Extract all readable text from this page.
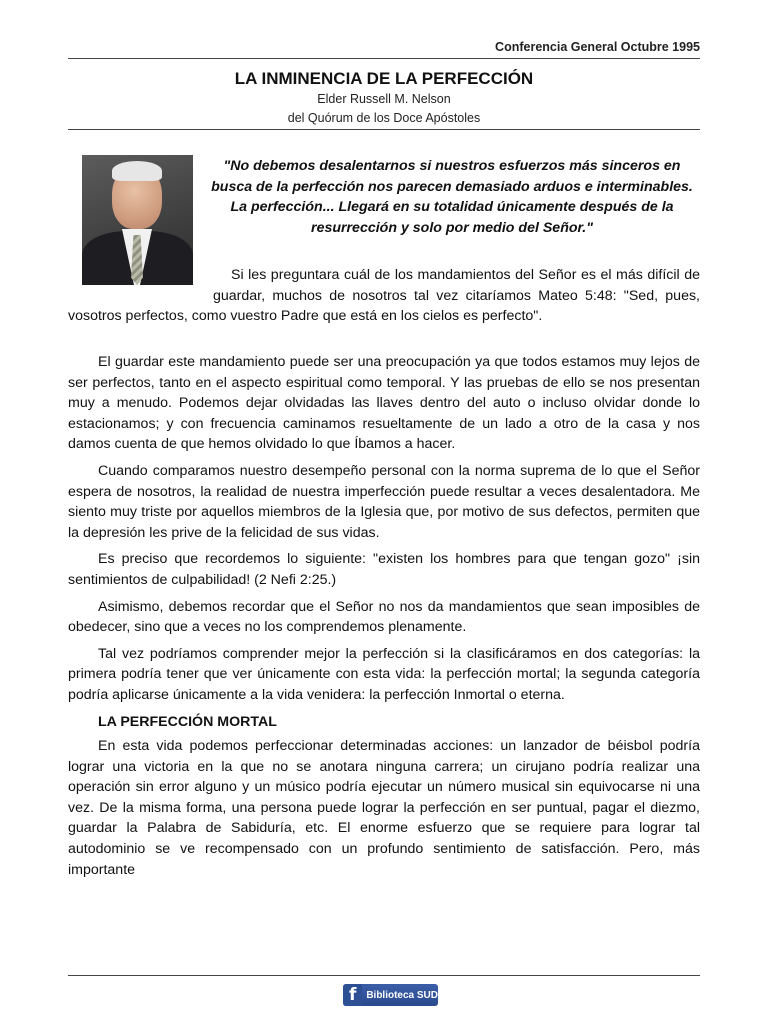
Conferencia General Octubre 1995
LA INMINENCIA DE LA PERFECCIÓN
Elder Russell M. Nelson
del Quórum de los Doce Apóstoles
"No debemos desalentarnos si nuestros esfuerzos más sinceros en busca de la perfección nos parecen demasiado arduos e interminables. La perfección... Llegará en su totalidad únicamente después de la resurrección y solo por medio del Señor."
Si les preguntara cuál de los mandamientos del Señor es el más difícil de guardar, muchos de nosotros tal vez citaríamos Mateo 5:48: "Sed, pues, vosotros perfectos, como vuestro Padre que está en los cielos es perfecto".

El guardar este mandamiento puede ser una preocupación ya que todos estamos muy lejos de ser perfectos, tanto en el aspecto espiritual como temporal. Y las pruebas de ello se nos presentan muy a menudo. Podemos dejar olvidadas las llaves dentro del auto o incluso olvidar donde lo estacionamos; y con frecuencia caminamos resueltamente de un lado a otro de la casa y nos damos cuenta de que hemos olvidado lo que Íbamos a hacer.

Cuando comparamos nuestro desempeño personal con la norma suprema de lo que el Señor espera de nosotros, la realidad de nuestra imperfección puede resultar a veces desalentadora. Me siento muy triste por aquellos miembros de la Iglesia que, por motivo de sus defectos, permiten que la depresión les prive de la felicidad de sus vidas.

Es preciso que recordemos lo siguiente: "existen los hombres para que tengan gozo" ¡sin sentimientos de culpabilidad! (2 Nefi 2:25.)

Asimismo, debemos recordar que el Señor no nos da mandamientos que sean imposibles de obedecer, sino que a veces no los comprendemos plenamente.

Tal vez podríamos comprender mejor la perfección si la clasificáramos en dos categorías: la primera podría tener que ver únicamente con esta vida: la perfección mortal; la segunda categoría podría aplicarse únicamente a la vida venidera: la perfección Inmortal o eterna.

LA PERFECCIÓN MORTAL

En esta vida podemos perfeccionar determinadas acciones: un lanzador de béisbol podría lograr una victoria en la que no se anotara ninguna carrera; un cirujano podría realizar una operación sin error alguno y un músico podría ejecutar un número musical sin equivocarse ni una vez. De la misma forma, una persona puede lograr la perfección en ser puntual, pagar el diezmo, guardar la Palabra de Sabiduría, etc. El enorme esfuerzo que se requiere para lograr tal autodominio se ve recompensado con un profundo sentimiento de satisfacción. Pero, más importante

f Biblioteca SUD
